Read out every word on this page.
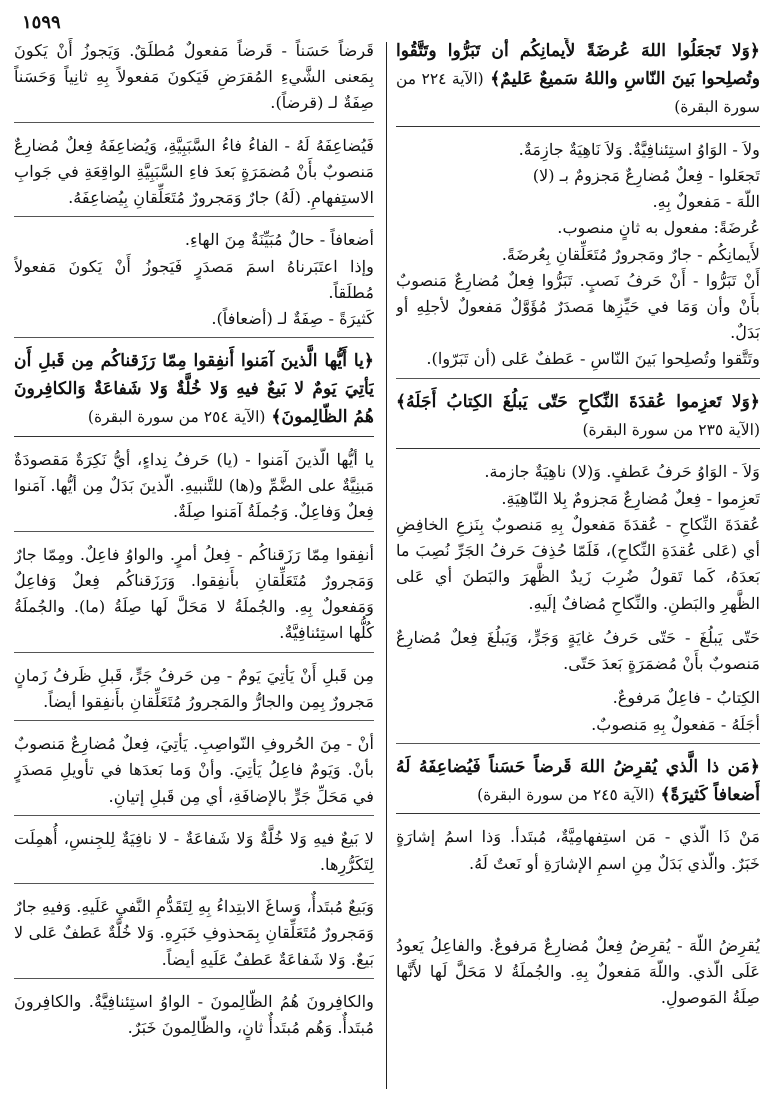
١٥٩٩
﴿وَلا تَجعَلُوا اللهَ عُرضَةً لأَيمانِكُم أن تَبَرُّوا وتَتَّقُوا وتُصلِحوا بَينَ النّاسِ واللهُ سَميعٌ عَليمٌ﴾ (الآية ٢٢٤ من سورة البقرة)

ولاَ - الوَاوُ استِئنافِيَّةٌ. وَلاَ نَاهِيَةٌ جازِمَةٌ.

تَجعَلوا - فِعلٌ مُضارِعٌ مَجزومٌ بـ (لا)

اللّهَ - مَفعولٌ بِهِ.

عُرضَةً: مفعول به ثانٍ منصوب.

لأَيمانِكُم - جارٌ ومَجرورٌ مُتَعَلِّقانِ بِعُرضَةً.

أَنْ تَبَرُّوا - أَنْ حَرفُ نَصبٍ. تَبَرُّوا فِعلٌ مُضارِعٌ مَنصوبٌ بأَنْ وأن وَمَا في حَيِّزِها مَصدَرٌ مُؤَوَّلٌ مَفعولٌ لأجلِهِ أو بَدَلٌ.

وتَتَّقوا وتُصلِحوا بَينَ النّاسِ - عَطفٌ عَلى (أن تَبَرّوا).

﴿وَلا تَعزِموا عُقدَةَ النِّكاحِ حَتّى يَبلُغَ الكِتابُ أَجَلَهُ﴾ (الآية ٢٣٥ من سورة البقرة)

وَلاَ - الوَاوُ حَرفُ عَطفٍ. وَ(لا) ناهِيَةٌ جازمة.

تَعزِموا - فِعلٌ مُضارِعٌ مَجزومٌ بِلا النّاهِيَةِ.

عُقدَةَ النِّكاحِ - عُقدَةَ مَفعولٌ بِهِ مَنصوبٌ بِنَزعِ الخافِضِ أي (عَلى عُقدَةِ النِّكاحِ)، فَلَمّا حُذِفَ حَرفُ الجَرِّ نُصِبَ ما بَعدَهُ، كَما تَقولُ ضُرِبَ زَيدٌ الظَّهرَ والبَطنَ أي عَلى الظَّهرِ والبَطنِ. والنِّكاحِ مُضافٌ إلَيهِ.

حَتّى يَبلُغَ - حَتّى حَرفُ غايَةٍ وَجَرٍّ، وَيَبلُغَ فِعلٌ مُضارِعٌ مَنصوبٌ بأَنْ مُضمَرَةٍ بَعدَ حَتّى.

الكِتابُ - فاعِلٌ مَرفوعٌ.

أجَلَهُ - مَفعولٌ بِهِ مَنصوبٌ.

﴿مَن ذا الَّذي يُقرِضُ اللهَ قَرضاً حَسَناً فَيُضاعِفَهُ لَهُ أَضعافاً كَثيرَةً﴾ (الآية ٢٤٥ من سورة البقرة)

مَنْ ذَا الّذي - مَن استِفهامِيَّةٌ، مُبتَدأ. وَذا اسمُ إشارَةٍ خَبَرٌ. والّذي بَدَلٌ مِنِ اسمِ الإشارَةِ أو نَعتٌ لَهُ.

يُقرِضُ اللّهَ - يُقرِضُ فِعلٌ مُضارِعٌ مَرفوعٌ. والفاعِلُ يَعودُ عَلَى الّذي. واللّهَ مَفعولٌ بِهِ. والجُملَةُ لا مَحَلَّ لَها لأَنَّها صِلَةُ المَوصولِ.

قَرضاً حَسَناً - قَرضاً مَفعولٌ مُطلَقٌ. وَيَجوزُ أَنْ يَكونَ بِمَعنى الشَّيءِ المُقرَضِ فَيَكونَ مَفعولاً بِهِ ثانِياً وَحَسَناً صِفَةٌ لـ (قرضاً).

فَيُضاعِفَهُ لَهُ - الفاءُ فاءُ السَّبَبِيَّةِ، وَيُضاعِفَهُ فِعلٌ مُضارِعٌ مَنصوبٌ بأَنْ مُضمَرَةٍ بَعدَ فاءِ السَّبَبِيَّةِ الواقِعَةِ في جَوابِ الاستِفهامِ. (لَهُ) جارٌ وَمَجرورٌ مُتَعَلِّقانِ بِيُضاعِفَهُ.

أضعافاً - حالٌ مُبَيِّنَةٌ مِنَ الهاءِ.

وإذا اعتَبَرناهُ اسمَ مَصدَرٍ فَيَجوزُ أَنْ يَكونَ مَفعولاً مُطلَقاً.

كَثيرَةً - صِفَةٌ لـ (أضعافاً).

﴿يا أَيُّها الَّذينَ آمَنوا أَنفِقوا مِمّا رَزَقناكُم مِن قَبلِ أَن يَأتِيَ يَومٌ لا بَيعٌ فيهِ وَلا خُلَّةٌ وَلا شَفاعَةٌ وَالكافِرونَ هُمُ الظّالِمونَ﴾ (الآية ٢٥٤ من سورة البقرة)

يا أيُّها الّذينَ آمَنوا - (يا) حَرفُ نِداءٍ، أيُّ نَكِرَةٌ مَقصودَةٌ مَبنِيَّةٌ على الضَّمِّ و(ها) للتَّنبيهِ. الّذينَ بَدَلٌ مِن أيُّها. آمَنوا فِعلٌ وَفاعِلٌ. وَجُملَةُ آمَنوا صِلَةٌ.

أنفِقوا مِمّا رَزَقناكُم - فِعلُ أمرٍ. والواوُ فاعِلٌ. ومِمّا جارٌ وَمَجرورٌ مُتَعَلِّقانِ بأَنفِقوا. وَرَزَقناكُم فِعلٌ وَفاعِلٌ وَمَفعولٌ بِهِ. والجُملَةُ لا مَحَلَّ لَها صِلَةُ (ما). والجُملَةُ كُلُّها استِئنافِيَّةٌ.

مِن قَبلِ أَنْ يَأتِيَ يَومٌ - مِن حَرفُ جَرٍّ، قَبلِ ظَرفُ زَمانٍ مَجرورٌ بِمِن والجارُّ والمَجرورُ مُتَعَلِّقانِ بأَنفِقوا أيضاً.

أنْ - مِنَ الحُروفِ النّواصِبِ. يَأتِيَ، فِعلٌ مُضارِعٌ مَنصوبٌ بأنْ. وَيَومٌ فاعِلُ يَأتِيَ. وأنْ وَما بَعدَها في تأويلِ مَصدَرٍ في مَحَلِّ جَرٍّ بالإضافَةِ، أي مِن قَبلِ إتيانِ.

لا بَيعٌ فيهِ وَلا خُلَّةٌ وَلا شَفاعَةٌ - لا نافِيَةٌ لِلجِنسِ، أُهمِلَت لِتَكَرُّرِها.

وَبَيعٌ مُبتَدأٌ، وَساغَ الابتِداءُ بِهِ لِتَقَدُّمِ النَّفيِ عَلَيهِ. وَفيهِ جارٌ وَمَجرورٌ مُتَعَلِّقانِ بِمَحذوفِ خَبَرِهِ. وَلا خُلَّةٌ عَطفٌ عَلى لا بَيعٌ. وَلا شَفاعَةٌ عَطفٌ عَلَيهِ أيضاً.

والكافِرونَ هُمُ الظّالِمونَ - الواوُ استِئنافِيَّةٌ. والكافِرونَ مُبتَدأٌ. وَهُم مُبتَدأٌ ثانٍ، والظّالِمونَ خَبَرٌ.
